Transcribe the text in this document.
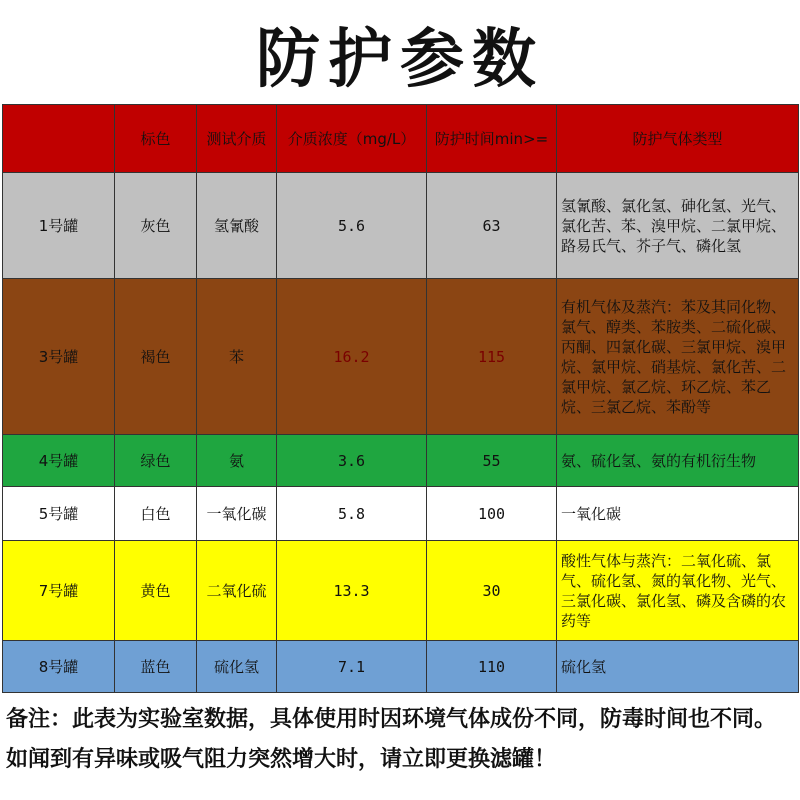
防护参数
	标色	测试介质	介质浓度（mg/L）	防护时间min>=	防护气体类型
1号罐	灰色	氢氰酸	5.6	63	氢氰酸、氯化氢、砷化氢、光气、氯化苦、苯、溴甲烷、二氯甲烷、路易氏气、芥子气、磷化氢
3号罐	褐色	苯	16.2	115	有机气体及蒸汽：苯及其同化物、氯气、醇类、苯胺类、二硫化碳、丙酮、四氯化碳、三氯甲烷、溴甲烷、氯甲烷、硝基烷、氯化苦、二氯甲烷、氯乙烷、环乙烷、苯乙烷、三氯乙烷、苯酚等
4号罐	绿色	氨	3.6	55	氨、硫化氢、氨的有机衍生物
5号罐	白色	一氧化碳	5.8	100	一氧化碳
7号罐	黄色	二氧化硫	13.3	30	酸性气体与蒸汽：二氧化硫、氯气、硫化氢、氮的氧化物、光气、三氯化碳、氯化氢、磷及含磷的农药等
8号罐	蓝色	硫化氢	7.1	110	硫化氢
备注：此表为实验室数据，具体使用时因环境气体成份不同，防毒时间也不同。如闻到有异味或吸气阻力突然增大时，请立即更换滤罐！
